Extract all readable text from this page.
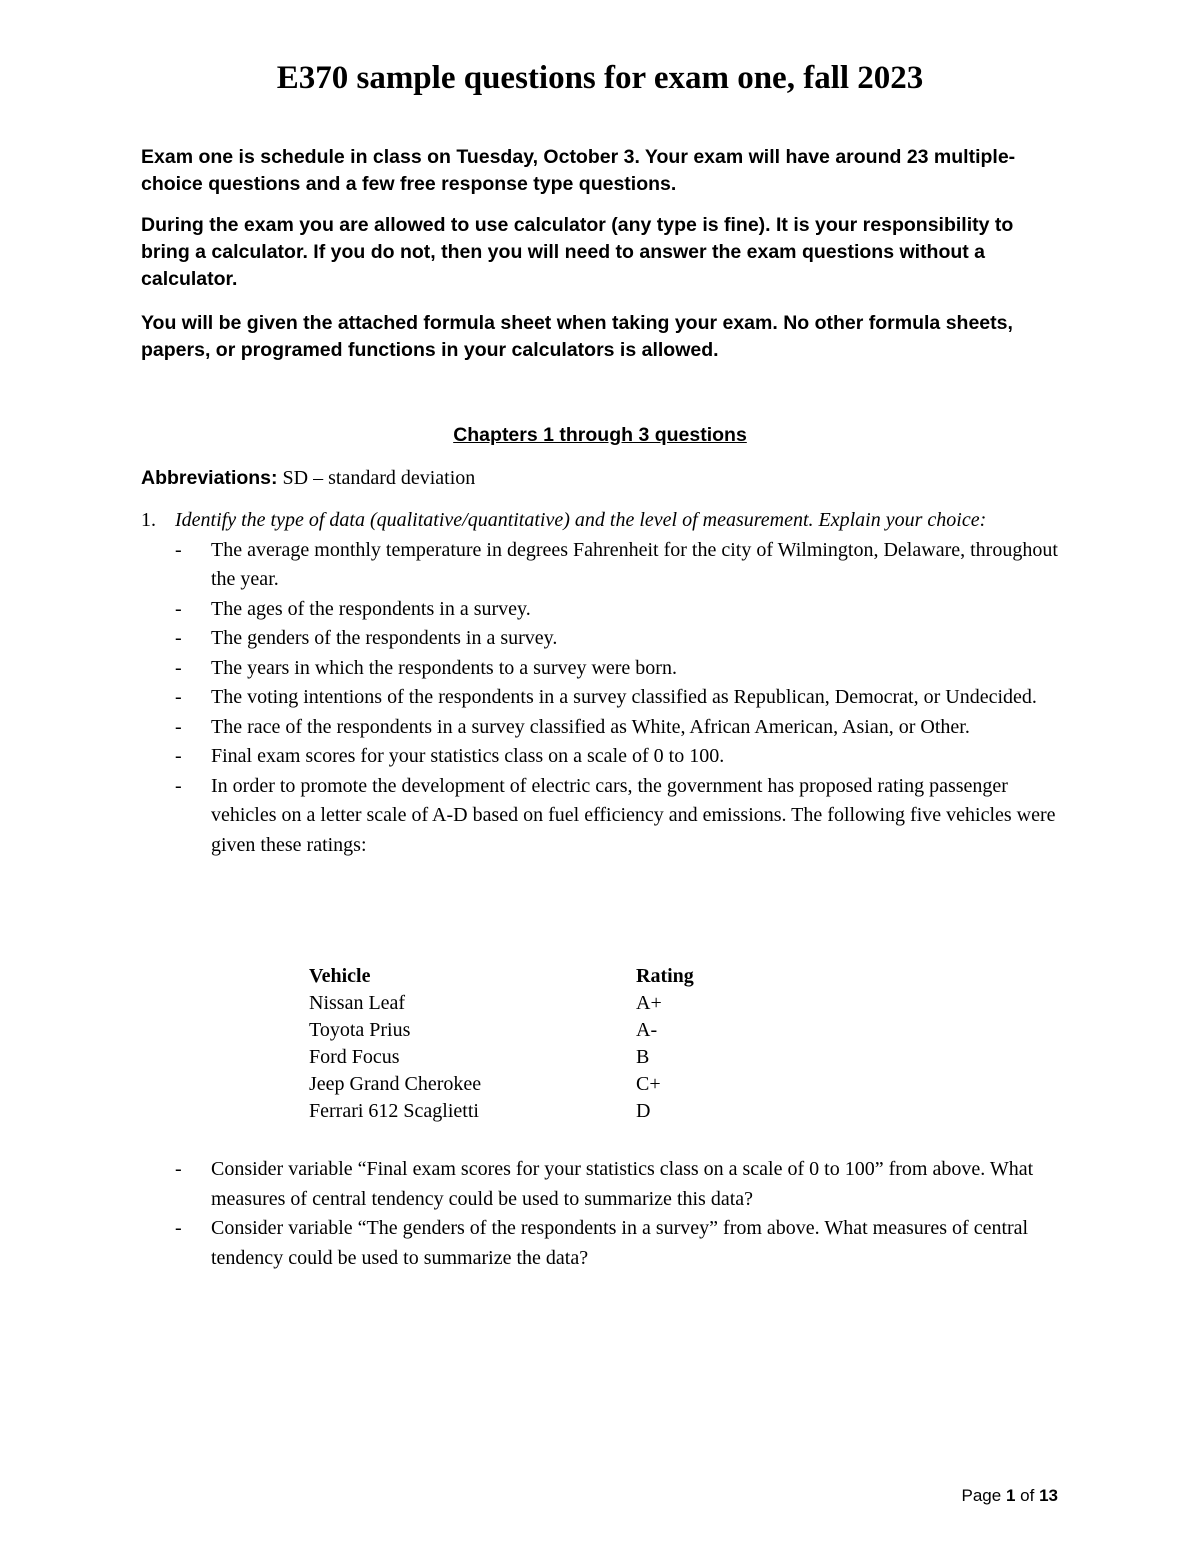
E370 sample questions for exam one, fall 2023

Exam one is schedule in class on Tuesday, October 3. Your exam will have around 23 multiple-choice questions and a few free response type questions.

During the exam you are allowed to use calculator (any type is fine). It is your responsibility to bring a calculator. If you do not, then you will need to answer the exam questions without a calculator.

You will be given the attached formula sheet when taking your exam. No other formula sheets, papers, or programed functions in your calculators is allowed.

Chapters 1 through 3 questions

Abbreviations: SD – standard deviation

1. Identify the type of data (qualitative/quantitative) and the level of measurement. Explain your choice:
- The average monthly temperature in degrees Fahrenheit for the city of Wilmington, Delaware, throughout the year.
- The ages of the respondents in a survey.
- The genders of the respondents in a survey.
- The years in which the respondents to a survey were born.
- The voting intentions of the respondents in a survey classified as Republican, Democrat, or Undecided.
- The race of the respondents in a survey classified as White, African American, Asian, or Other.
- Final exam scores for your statistics class on a scale of 0 to 100.
- In order to promote the development of electric cars, the government has proposed rating passenger vehicles on a letter scale of A-D based on fuel efficiency and emissions. The following five vehicles were given these ratings:
Vehicle	Rating
Nissan Leaf	A+
Toyota Prius	A-
Ford Focus	B
Jeep Grand Cherokee	C+
Ferrari 612 Scaglietti	D
- Consider variable “Final exam scores for your statistics class on a scale of 0 to 100” from above. What measures of central tendency could be used to summarize this data?
- Consider variable “The genders of the respondents in a survey” from above. What measures of central tendency could be used to summarize the data?
Page 1 of 13
